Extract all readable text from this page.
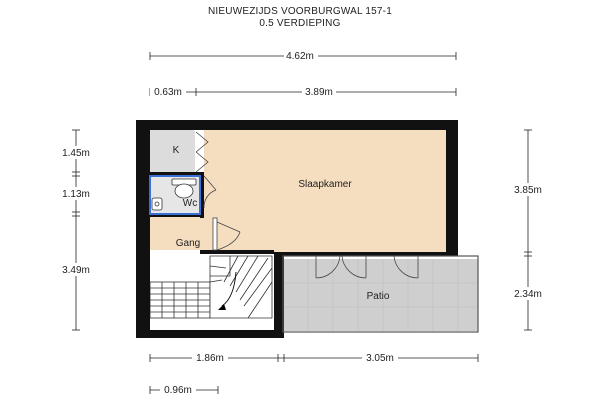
NIEUWEZIJDS VOORBURGWAL 157-1
0.5 VERDIEPING
Slaapkamer
Patio
Gang
Wc
K
4.62m
0.63m	3.89m
1.45m
1.13m
3.49m
3.85m
2.34m
1.86m	3.05m
0.96m
